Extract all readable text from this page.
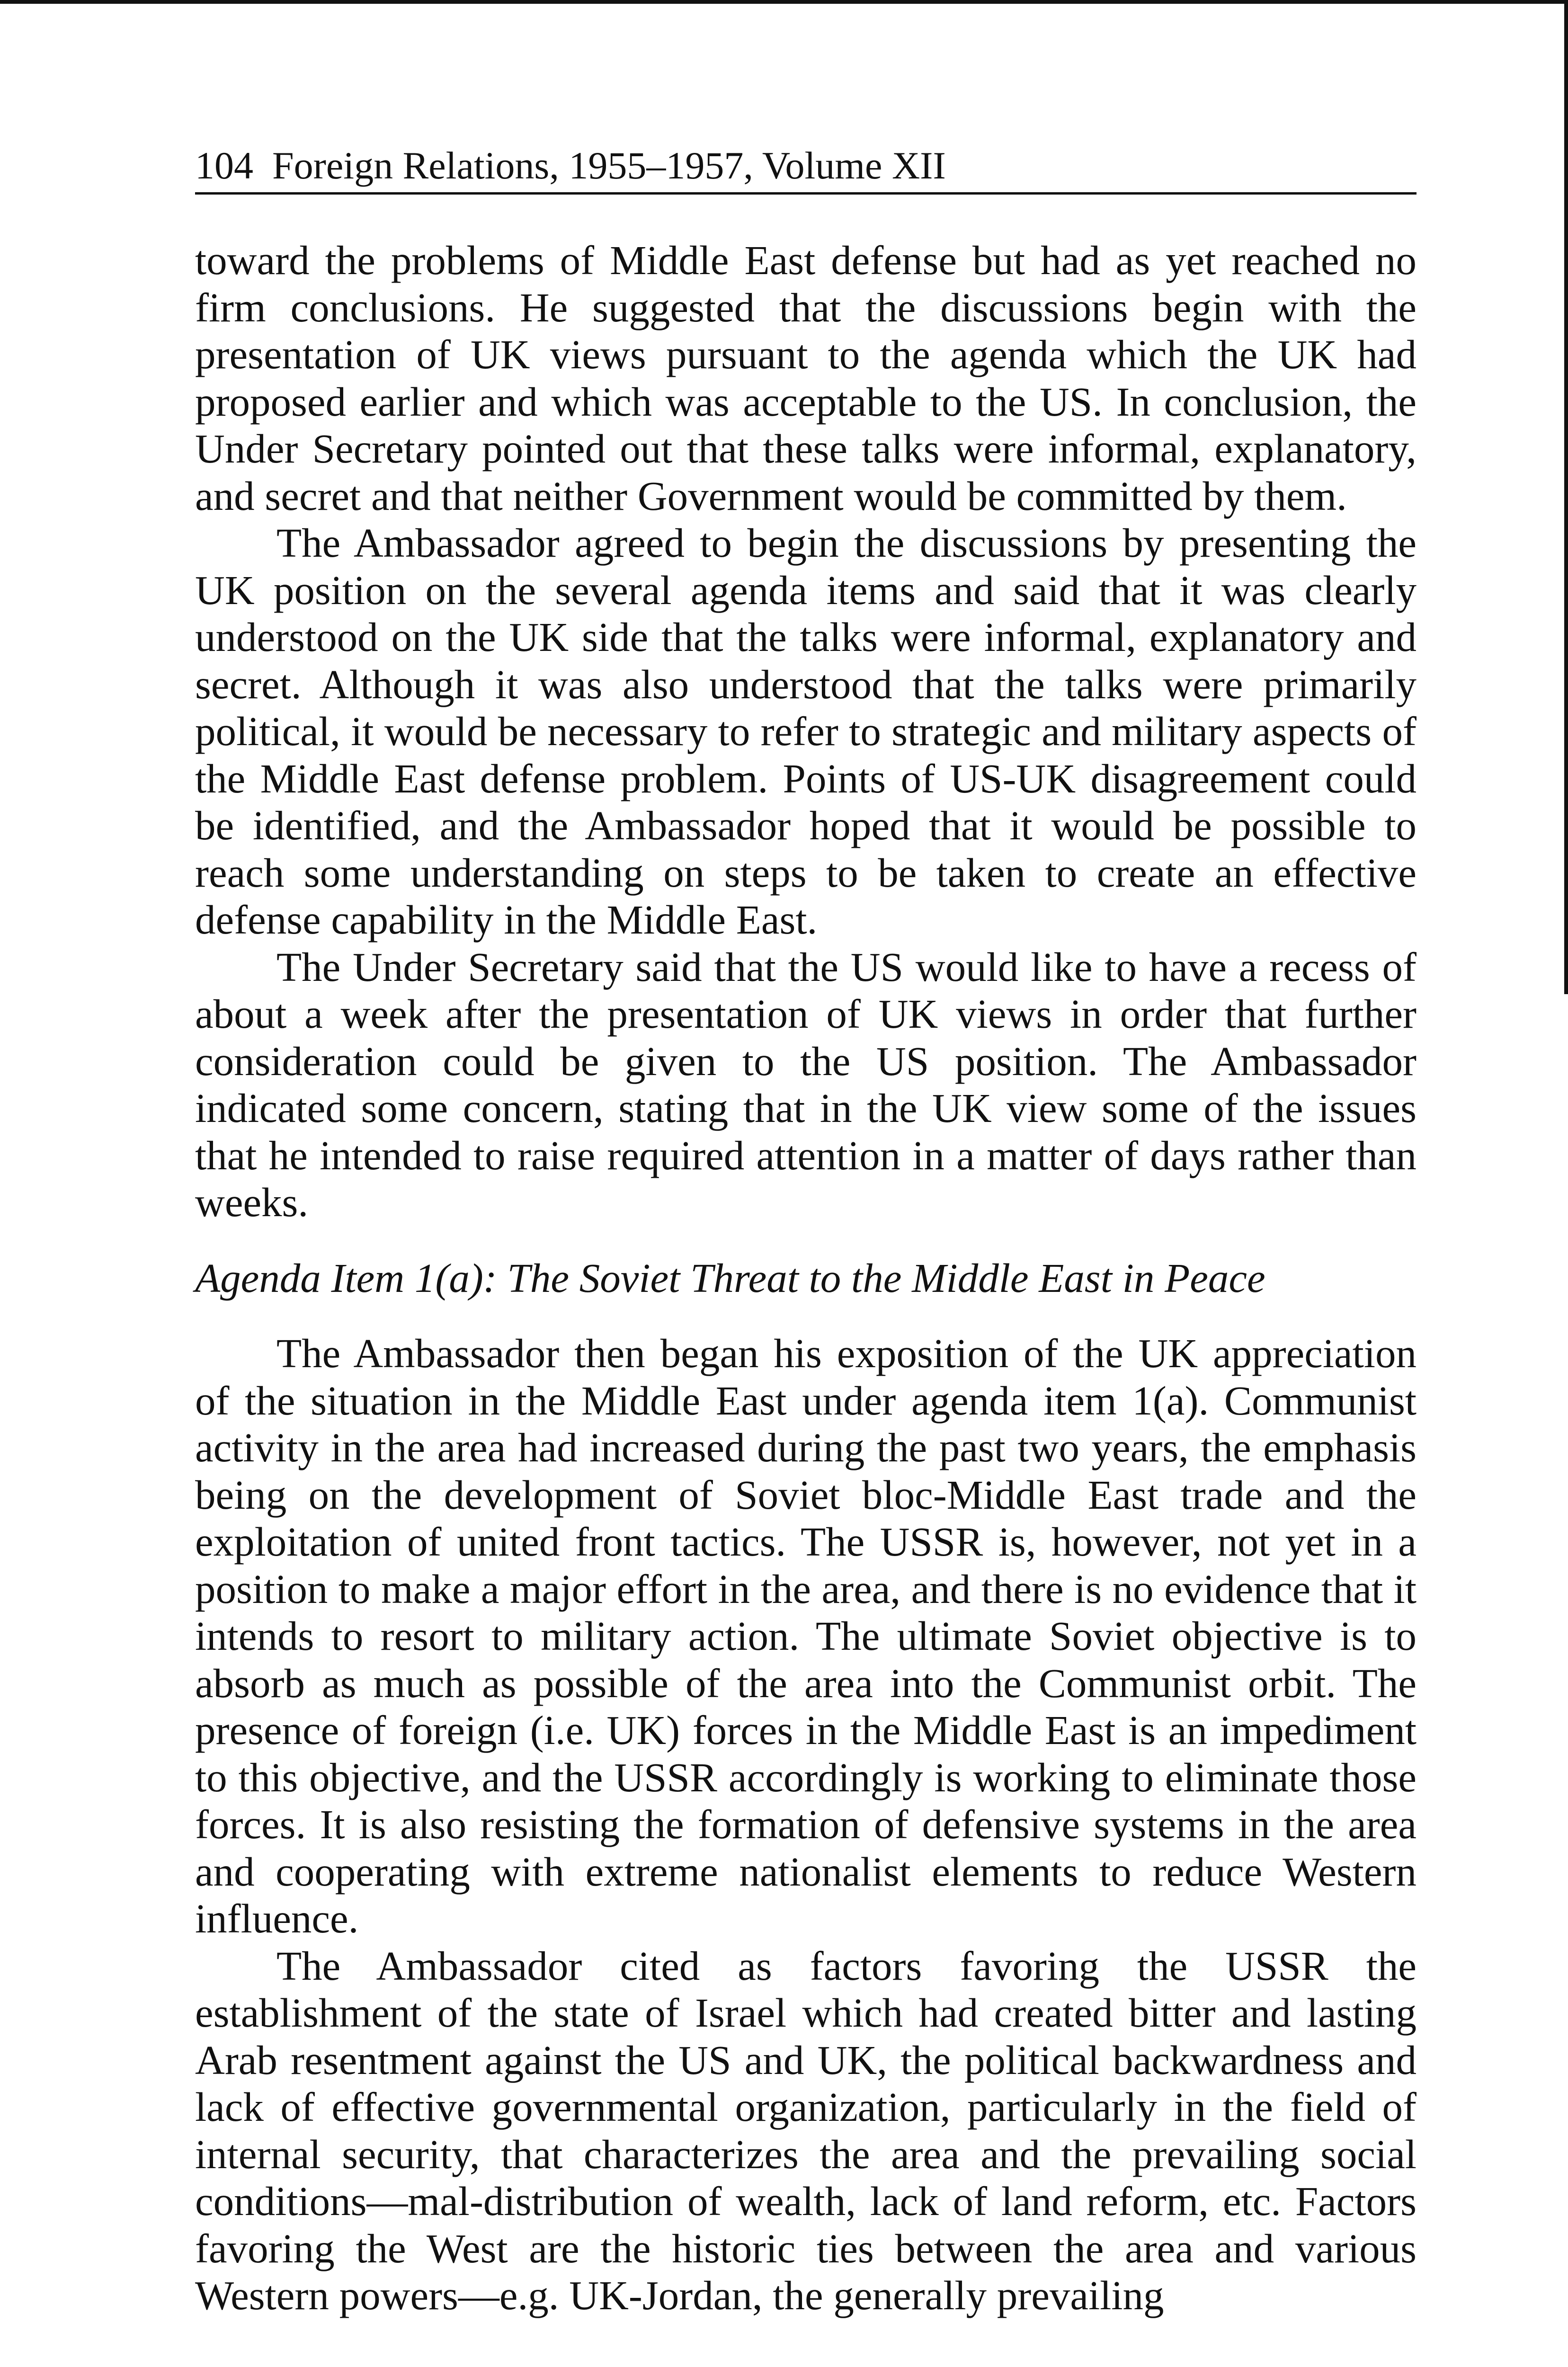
104 Foreign Relations, 1955–1957, Volume XII

toward the problems of Middle East defense but had as yet reached no firm conclusions. He suggested that the discussions begin with the presentation of UK views pursuant to the agenda which the UK had proposed earlier and which was acceptable to the US. In conclusion, the Under Secretary pointed out that these talks were informal, explanatory, and secret and that neither Government would be committed by them.

The Ambassador agreed to begin the discussions by presenting the UK position on the several agenda items and said that it was clearly understood on the UK side that the talks were informal, explanatory and secret. Although it was also understood that the talks were primarily political, it would be necessary to refer to strategic and military aspects of the Middle East defense problem. Points of US-UK disagreement could be identified, and the Ambassador hoped that it would be possible to reach some understanding on steps to be taken to create an effective defense capability in the Middle East.

The Under Secretary said that the US would like to have a recess of about a week after the presentation of UK views in order that further consideration could be given to the US position. The Ambassador indicated some concern, stating that in the UK view some of the issues that he intended to raise required attention in a matter of days rather than weeks.

Agenda Item 1(a): The Soviet Threat to the Middle East in Peace

The Ambassador then began his exposition of the UK appreciation of the situation in the Middle East under agenda item 1(a). Communist activity in the area had increased during the past two years, the emphasis being on the development of Soviet bloc-Middle East trade and the exploitation of united front tactics. The USSR is, however, not yet in a position to make a major effort in the area, and there is no evidence that it intends to resort to military action. The ultimate Soviet objective is to absorb as much as possible of the area into the Communist orbit. The presence of foreign (i.e. UK) forces in the Middle East is an impediment to this objective, and the USSR accordingly is working to eliminate those forces. It is also resisting the formation of defensive systems in the area and cooperating with extreme nationalist elements to reduce Western influence.

The Ambassador cited as factors favoring the USSR the establishment of the state of Israel which had created bitter and lasting Arab resentment against the US and UK, the political backwardness and lack of effective governmental organization, particularly in the field of internal security, that characterizes the area and the prevailing social conditions—mal-distribution of wealth, lack of land reform, etc. Factors favoring the West are the historic ties between the area and various Western powers—e.g. UK-Jordan, the generally prevailing
